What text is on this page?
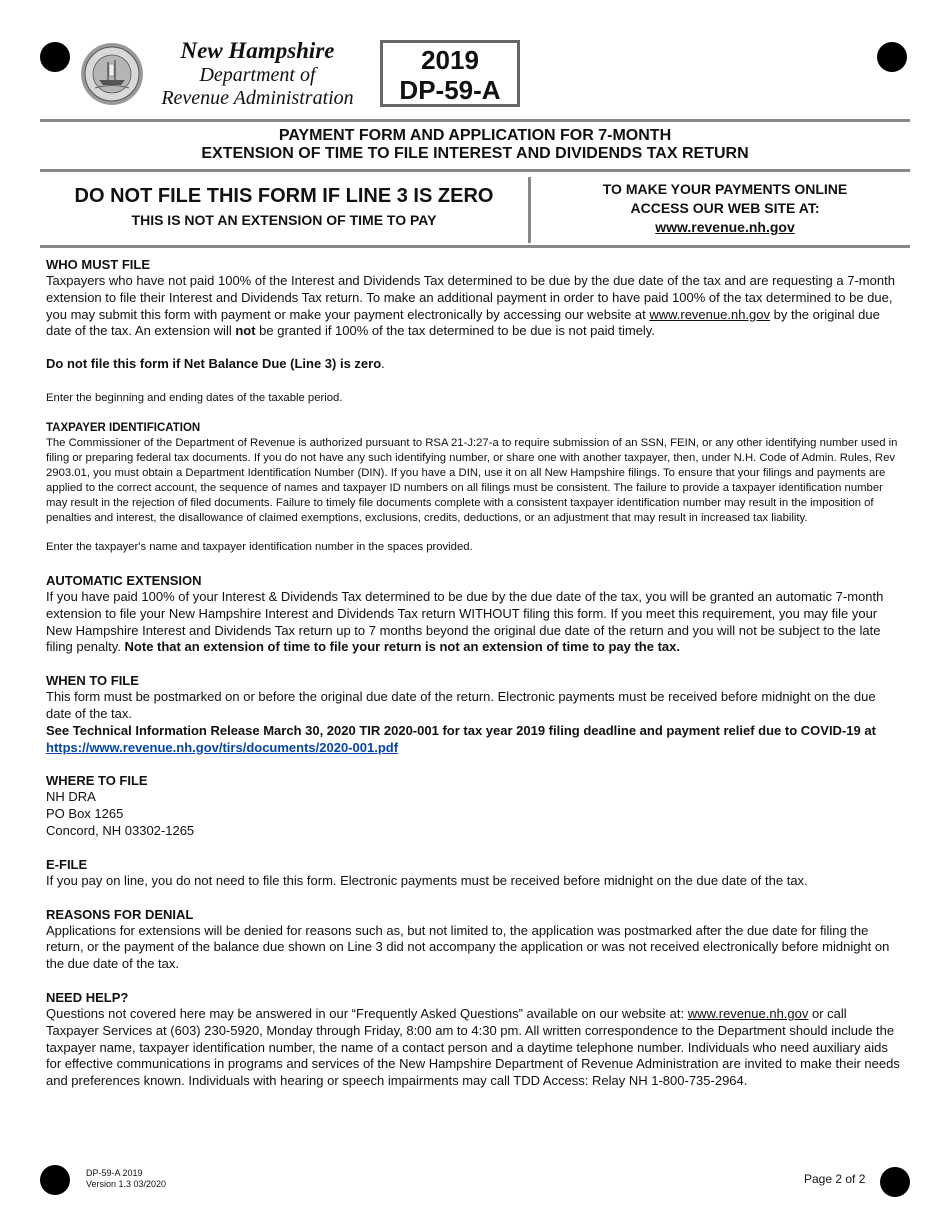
New Hampshire
Department of
Revenue Administration
2019
DP-59-A
PAYMENT FORM AND APPLICATION FOR 7-MONTH
EXTENSION OF TIME TO FILE INTEREST AND DIVIDENDS TAX RETURN
DO NOT FILE THIS FORM IF LINE 3 IS ZERO
THIS IS NOT AN EXTENSION OF TIME TO PAY
TO MAKE YOUR PAYMENTS ONLINE
ACCESS OUR WEB SITE AT:
www.revenue.nh.gov
WHO MUST FILE
Taxpayers who have not paid 100% of the Interest and Dividends Tax determined to be due by the due date of the tax and are requesting a 7-month extension to file their Interest and Dividends Tax return. To make an additional payment in order to have paid 100% of the tax determined to be due, you may submit this form with payment or make your payment electronically by accessing our website at www.revenue.nh.gov by the original due date of the tax. An extension will not be granted if 100% of the tax determined to be due is not paid timely.
Do not file this form if Net Balance Due (Line 3) is zero.
Enter the beginning and ending dates of the taxable period.
TAXPAYER IDENTIFICATION
The Commissioner of the Department of Revenue is authorized pursuant to RSA 21-J:27-a to require submission of an SSN, FEIN, or any other identifying number used in filing or preparing federal tax documents. If you do not have any such identifying number, or share one with another taxpayer, then, under N.H. Code of Admin. Rules, Rev 2903.01, you must obtain a Department Identification Number (DIN). If you have a DIN, use it on all New Hampshire filings. To ensure that your filings and payments are applied to the correct account, the sequence of names and taxpayer ID numbers on all filings must be consistent. The failure to provide a taxpayer identification number may result in the rejection of filed documents. Failure to timely file documents complete with a consistent taxpayer identification number may result in the imposition of penalties and interest, the disallowance of claimed exemptions, exclusions, credits, deductions, or an adjustment that may result in increased tax liability.
Enter the taxpayer's name and taxpayer identification number in the spaces provided.
AUTOMATIC EXTENSION
If you have paid 100% of your Interest & Dividends Tax determined to be due by the due date of the tax, you will be granted an automatic 7-month extension to file your New Hampshire Interest and Dividends Tax return WITHOUT filing this form. If you meet this requirement, you may file your New Hampshire Interest and Dividends Tax return up to 7 months beyond the original due date of the return and you will not be subject to the late filing penalty. Note that an extension of time to file your return is not an extension of time to pay the tax.
WHEN TO FILE
This form must be postmarked on or before the original due date of the return. Electronic payments must be received before midnight on the due date of the tax.
See Technical Information Release March 30, 2020 TIR 2020-001 for tax year 2019 filing deadline and payment relief due to COVID-19 at
https://www.revenue.nh.gov/tirs/documents/2020-001.pdf
WHERE TO FILE
NH DRA
PO Box 1265
Concord, NH 03302-1265
E-FILE
If you pay on line, you do not need to file this form. Electronic payments must be received before midnight on the due date of the tax.
REASONS FOR DENIAL
Applications for extensions will be denied for reasons such as, but not limited to, the application was postmarked after the due date for filing the return, or the payment of the balance due shown on Line 3 did not accompany the application or was not received electronically before midnight on the due date of the tax.
NEED HELP?
Questions not covered here may be answered in our “Frequently Asked Questions” available on our website at: www.revenue.nh.gov or call Taxpayer Services at (603) 230-5920, Monday through Friday, 8:00 am to 4:30 pm. All written correspondence to the Department should include the taxpayer name, taxpayer identification number, the name of a contact person and a daytime telephone number. Individuals who need auxiliary aids for effective communications in programs and services of the New Hampshire Department of Revenue Administration are invited to make their needs and preferences known. Individuals with hearing or speech impairments may call TDD Access: Relay NH 1-800-735-2964.
DP-59-A 2019
Version 1.3 03/2020	Page 2 of 2
